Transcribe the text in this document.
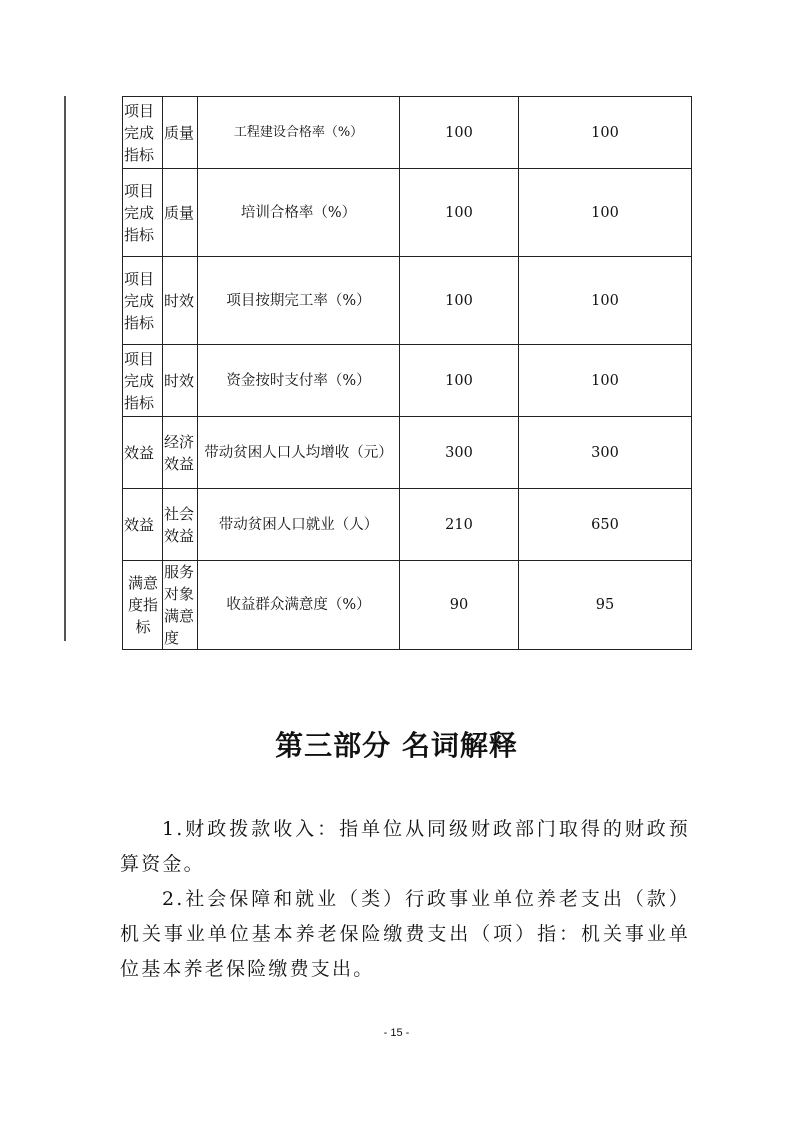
项目完成指标	质量	工程建设合格率（%）	100	100
项目完成指标	质量	培训合格率（%）	100	100
项目完成指标	时效	项目按期完工率（%）	100	100
项目完成指标	时效	资金按时支付率（%）	100	100
效益	经济效益	带动贫困人口人均增收（元）	300	300
效益	社会效益	带动贫困人口就业（人）	210	650
满意度指标	服务对象满意度	收益群众满意度（%）	90	95
第三部分 名词解释

1.财政拨款收入：指单位从同级财政部门取得的财政预算资金。

2.社会保障和就业（类）行政事业单位养老支出（款）机关事业单位基本养老保险缴费支出（项）指：机关事业单位基本养老保险缴费支出。

- 15 -
